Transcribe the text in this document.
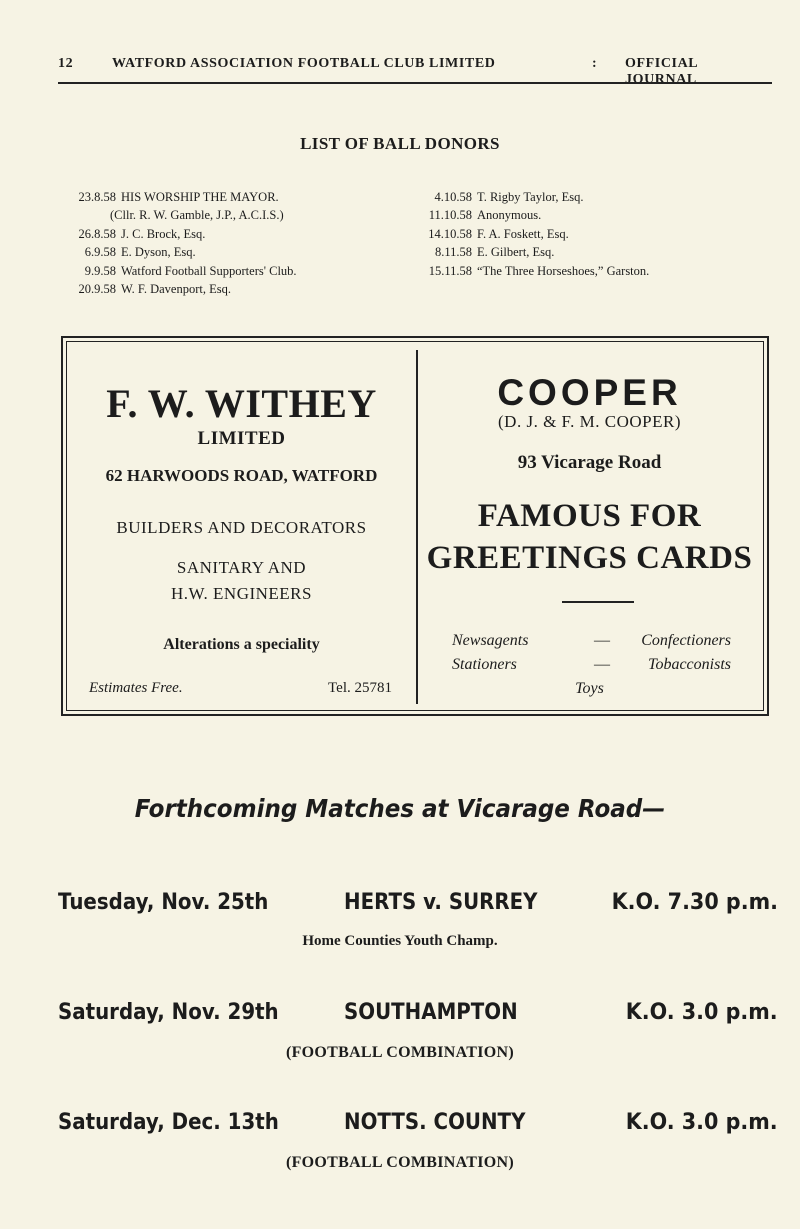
12	WATFORD ASSOCIATION FOOTBALL CLUB LIMITED	: OFFICIAL JOURNAL
LIST OF BALL DONORS
23.8.58 HIS WORSHIP THE MAYOR.
(Cllr. R. W. Gamble, J.P., A.C.I.S.)
26.8.58 J. C. Brock, Esq.
6.9.58 E. Dyson, Esq.
9.9.58 Watford Football Supporters' Club.
20.9.58 W. F. Davenport, Esq.
4.10.58 T. Rigby Taylor, Esq.
11.10.58 Anonymous.
14.10.58 F. A. Foskett, Esq.
8.11.58 E. Gilbert, Esq.
15.11.58 “The Three Horseshoes,” Garston.
F. W. WITHEY
LIMITED
62 HARWOODS ROAD, WATFORD
BUILDERS AND DECORATORS
SANITARY AND
H.W. ENGINEERS
Alterations a speciality
Estimates Free.	Tel. 25781
COOPER
(D. J. & F. M. COOPER)
93 Vicarage Road
FAMOUS FOR
GREETINGS CARDS
Newsagents	— Confectioners
Stationers	— Tobacconists
Toys
Forthcoming Matches at Vicarage Road—
Tuesday, Nov. 25th	HERTS v. SURREY	K.O. 7.30 p.m.
Home Counties Youth Champ.
Saturday, Nov. 29th	SOUTHAMPTON	K.O. 3.0 p.m.
(FOOTBALL COMBINATION)
Saturday, Dec. 13th	NOTTS. COUNTY	K.O. 3.0 p.m.
(FOOTBALL COMBINATION)
